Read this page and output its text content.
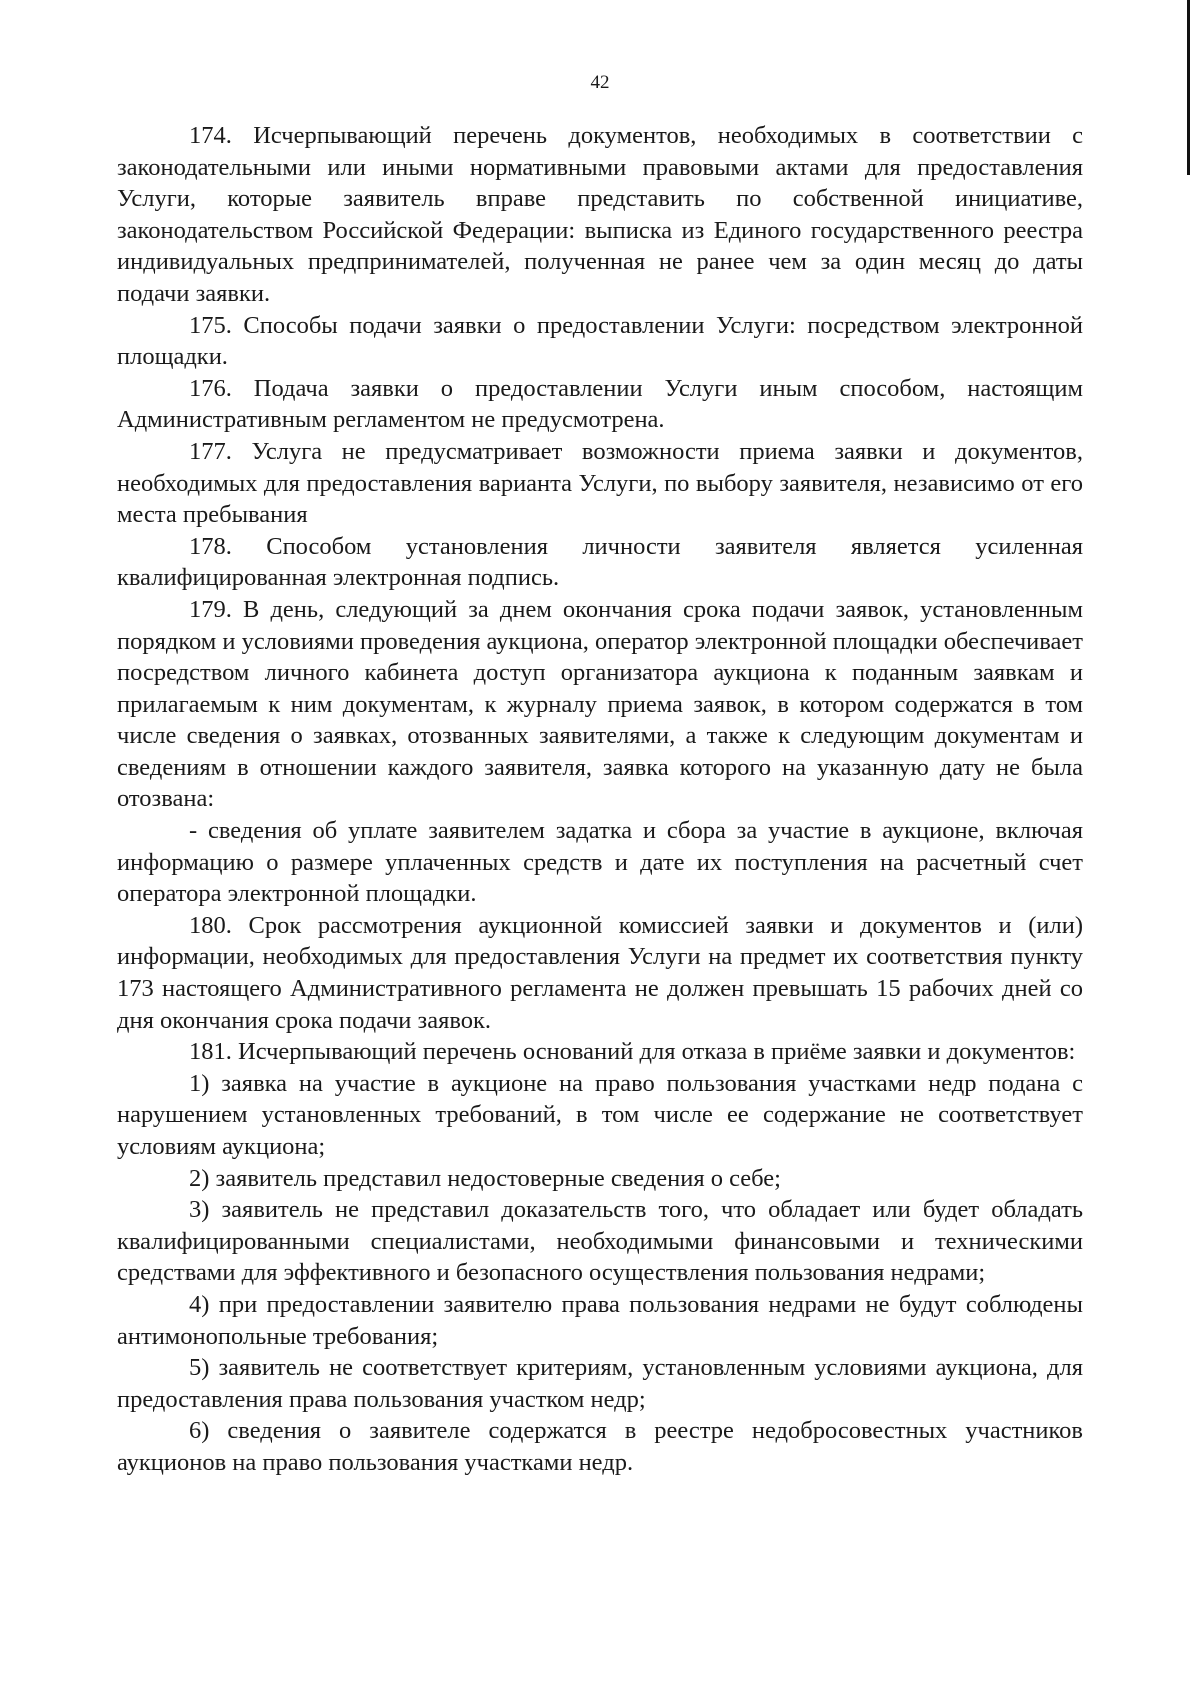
42

174. Исчерпывающий перечень документов, необходимых в соответствии с законодательными или иными нормативными правовыми актами для предоставления Услуги, которые заявитель вправе представить по собственной инициативе, законодательством Российской Федерации: выписка из Единого государственного реестра индивидуальных предпринимателей, полученная не ранее чем за один месяц до даты подачи заявки.

175. Способы подачи заявки о предоставлении Услуги: посредством электронной площадки.

176. Подача заявки о предоставлении Услуги иным способом, настоящим Административным регламентом не предусмотрена.

177. Услуга не предусматривает возможности приема заявки и документов, необходимых для предоставления варианта Услуги, по выбору заявителя, независимо от его места пребывания

178. Способом установления личности заявителя является усиленная квалифицированная электронная подпись.

179. В день, следующий за днем окончания срока подачи заявок, установленным порядком и условиями проведения аукциона, оператор электронной площадки обеспечивает посредством личного кабинета доступ организатора аукциона к поданным заявкам и прилагаемым к ним документам, к журналу приема заявок, в котором содержатся в том числе сведения о заявках, отозванных заявителями, а также к следующим документам и сведениям в отношении каждого заявителя, заявка которого на указанную дату не была отозвана:

- сведения об уплате заявителем задатка и сбора за участие в аукционе, включая информацию о размере уплаченных средств и дате их поступления на расчетный счет оператора электронной площадки.

180. Срок рассмотрения аукционной комиссией заявки и документов и (или) информации, необходимых для предоставления Услуги на предмет их соответствия пункту 173 настоящего Административного регламента не должен превышать 15 рабочих дней со дня окончания срока подачи заявок.

181. Исчерпывающий перечень оснований для отказа в приёме заявки и документов:

1) заявка на участие в аукционе на право пользования участками недр подана с нарушением установленных требований, в том числе ее содержание не соответствует условиям аукциона;

2) заявитель представил недостоверные сведения о себе;

3) заявитель не представил доказательств того, что обладает или будет обладать квалифицированными специалистами, необходимыми финансовыми и техническими средствами для эффективного и безопасного осуществления пользования недрами;

4) при предоставлении заявителю права пользования недрами не будут соблюдены антимонопольные требования;

5) заявитель не соответствует критериям, установленным условиями аукциона, для предоставления права пользования участком недр;

6) сведения о заявителе содержатся в реестре недобросовестных участников аукционов на право пользования участками недр.
